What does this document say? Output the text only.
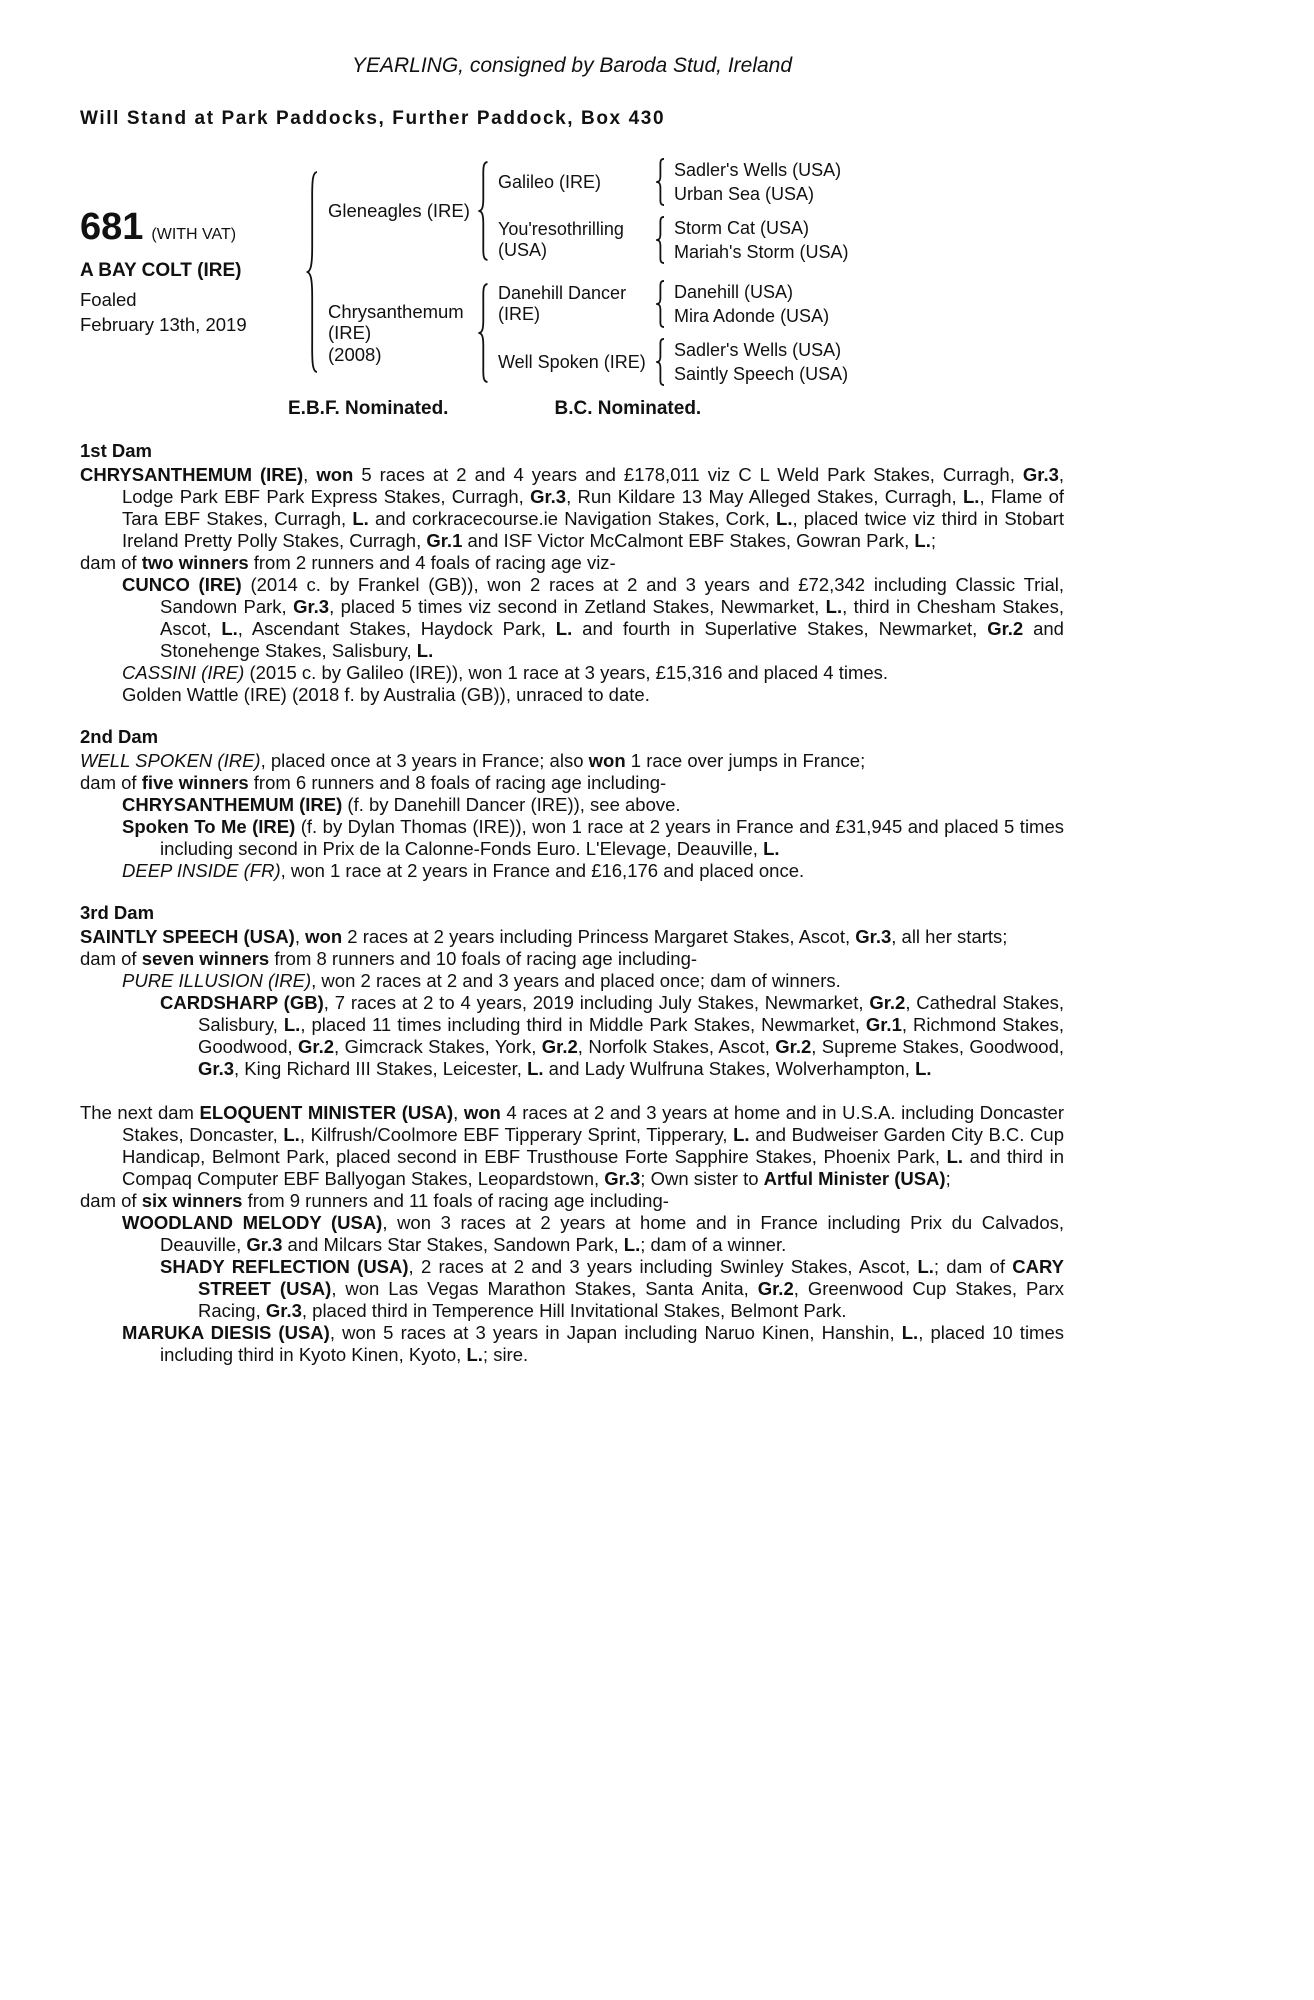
YEARLING, consigned by Baroda Stud, Ireland
Will Stand at Park Paddocks, Further Paddock, Box 430
681 (WITH VAT)
A BAY COLT (IRE)
Foaled
February 13th, 2019
Gleneagles (IRE)
Galileo (IRE)
Sadler's Wells (USA)
Urban Sea (USA)
You'resothrilling (USA)
Storm Cat (USA)
Mariah's Storm (USA)
Chrysanthemum (IRE)
(2008)
Danehill Dancer (IRE)
Danehill (USA)
Mira Adonde (USA)
Well Spoken (IRE)
Sadler's Wells (USA)
Saintly Speech (USA)
E.B.F. Nominated.	B.C. Nominated.
1st Dam
CHRYSANTHEMUM (IRE), won 5 races at 2 and 4 years and £178,011 viz C L Weld Park Stakes, Curragh, Gr.3, Lodge Park EBF Park Express Stakes, Curragh, Gr.3, Run Kildare 13 May Alleged Stakes, Curragh, L., Flame of Tara EBF Stakes, Curragh, L. and corkracecourse.ie Navigation Stakes, Cork, L., placed twice viz third in Stobart Ireland Pretty Polly Stakes, Curragh, Gr.1 and ISF Victor McCalmont EBF Stakes, Gowran Park, L.;
dam of two winners from 2 runners and 4 foals of racing age viz-
CUNCO (IRE) (2014 c. by Frankel (GB)), won 2 races at 2 and 3 years and £72,342 including Classic Trial, Sandown Park, Gr.3, placed 5 times viz second in Zetland Stakes, Newmarket, L., third in Chesham Stakes, Ascot, L., Ascendant Stakes, Haydock Park, L. and fourth in Superlative Stakes, Newmarket, Gr.2 and Stonehenge Stakes, Salisbury, L.
CASSINI (IRE) (2015 c. by Galileo (IRE)), won 1 race at 3 years, £15,316 and placed 4 times.
Golden Wattle (IRE) (2018 f. by Australia (GB)), unraced to date.
2nd Dam
WELL SPOKEN (IRE), placed once at 3 years in France; also won 1 race over jumps in France;
dam of five winners from 6 runners and 8 foals of racing age including-
CHRYSANTHEMUM (IRE) (f. by Danehill Dancer (IRE)), see above.
Spoken To Me (IRE) (f. by Dylan Thomas (IRE)), won 1 race at 2 years in France and £31,945 and placed 5 times including second in Prix de la Calonne-Fonds Euro. L'Elevage, Deauville, L.
DEEP INSIDE (FR), won 1 race at 2 years in France and £16,176 and placed once.
3rd Dam
SAINTLY SPEECH (USA), won 2 races at 2 years including Princess Margaret Stakes, Ascot, Gr.3, all her starts;
dam of seven winners from 8 runners and 10 foals of racing age including-
PURE ILLUSION (IRE), won 2 races at 2 and 3 years and placed once; dam of winners.
CARDSHARP (GB), 7 races at 2 to 4 years, 2019 including July Stakes, Newmarket, Gr.2, Cathedral Stakes, Salisbury, L., placed 11 times including third in Middle Park Stakes, Newmarket, Gr.1, Richmond Stakes, Goodwood, Gr.2, Gimcrack Stakes, York, Gr.2, Norfolk Stakes, Ascot, Gr.2, Supreme Stakes, Goodwood, Gr.3, King Richard III Stakes, Leicester, L. and Lady Wulfruna Stakes, Wolverhampton, L.
The next dam ELOQUENT MINISTER (USA), won 4 races at 2 and 3 years at home and in U.S.A. including Doncaster Stakes, Doncaster, L., Kilfrush/Coolmore EBF Tipperary Sprint, Tipperary, L. and Budweiser Garden City B.C. Cup Handicap, Belmont Park, placed second in EBF Trusthouse Forte Sapphire Stakes, Phoenix Park, L. and third in Compaq Computer EBF Ballyogan Stakes, Leopardstown, Gr.3; Own sister to Artful Minister (USA);
dam of six winners from 9 runners and 11 foals of racing age including-
WOODLAND MELODY (USA), won 3 races at 2 years at home and in France including Prix du Calvados, Deauville, Gr.3 and Milcars Star Stakes, Sandown Park, L.; dam of a winner.
SHADY REFLECTION (USA), 2 races at 2 and 3 years including Swinley Stakes, Ascot, L.; dam of CARY STREET (USA), won Las Vegas Marathon Stakes, Santa Anita, Gr.2, Greenwood Cup Stakes, Parx Racing, Gr.3, placed third in Temperence Hill Invitational Stakes, Belmont Park.
MARUKA DIESIS (USA), won 5 races at 3 years in Japan including Naruo Kinen, Hanshin, L., placed 10 times including third in Kyoto Kinen, Kyoto, L.; sire.
